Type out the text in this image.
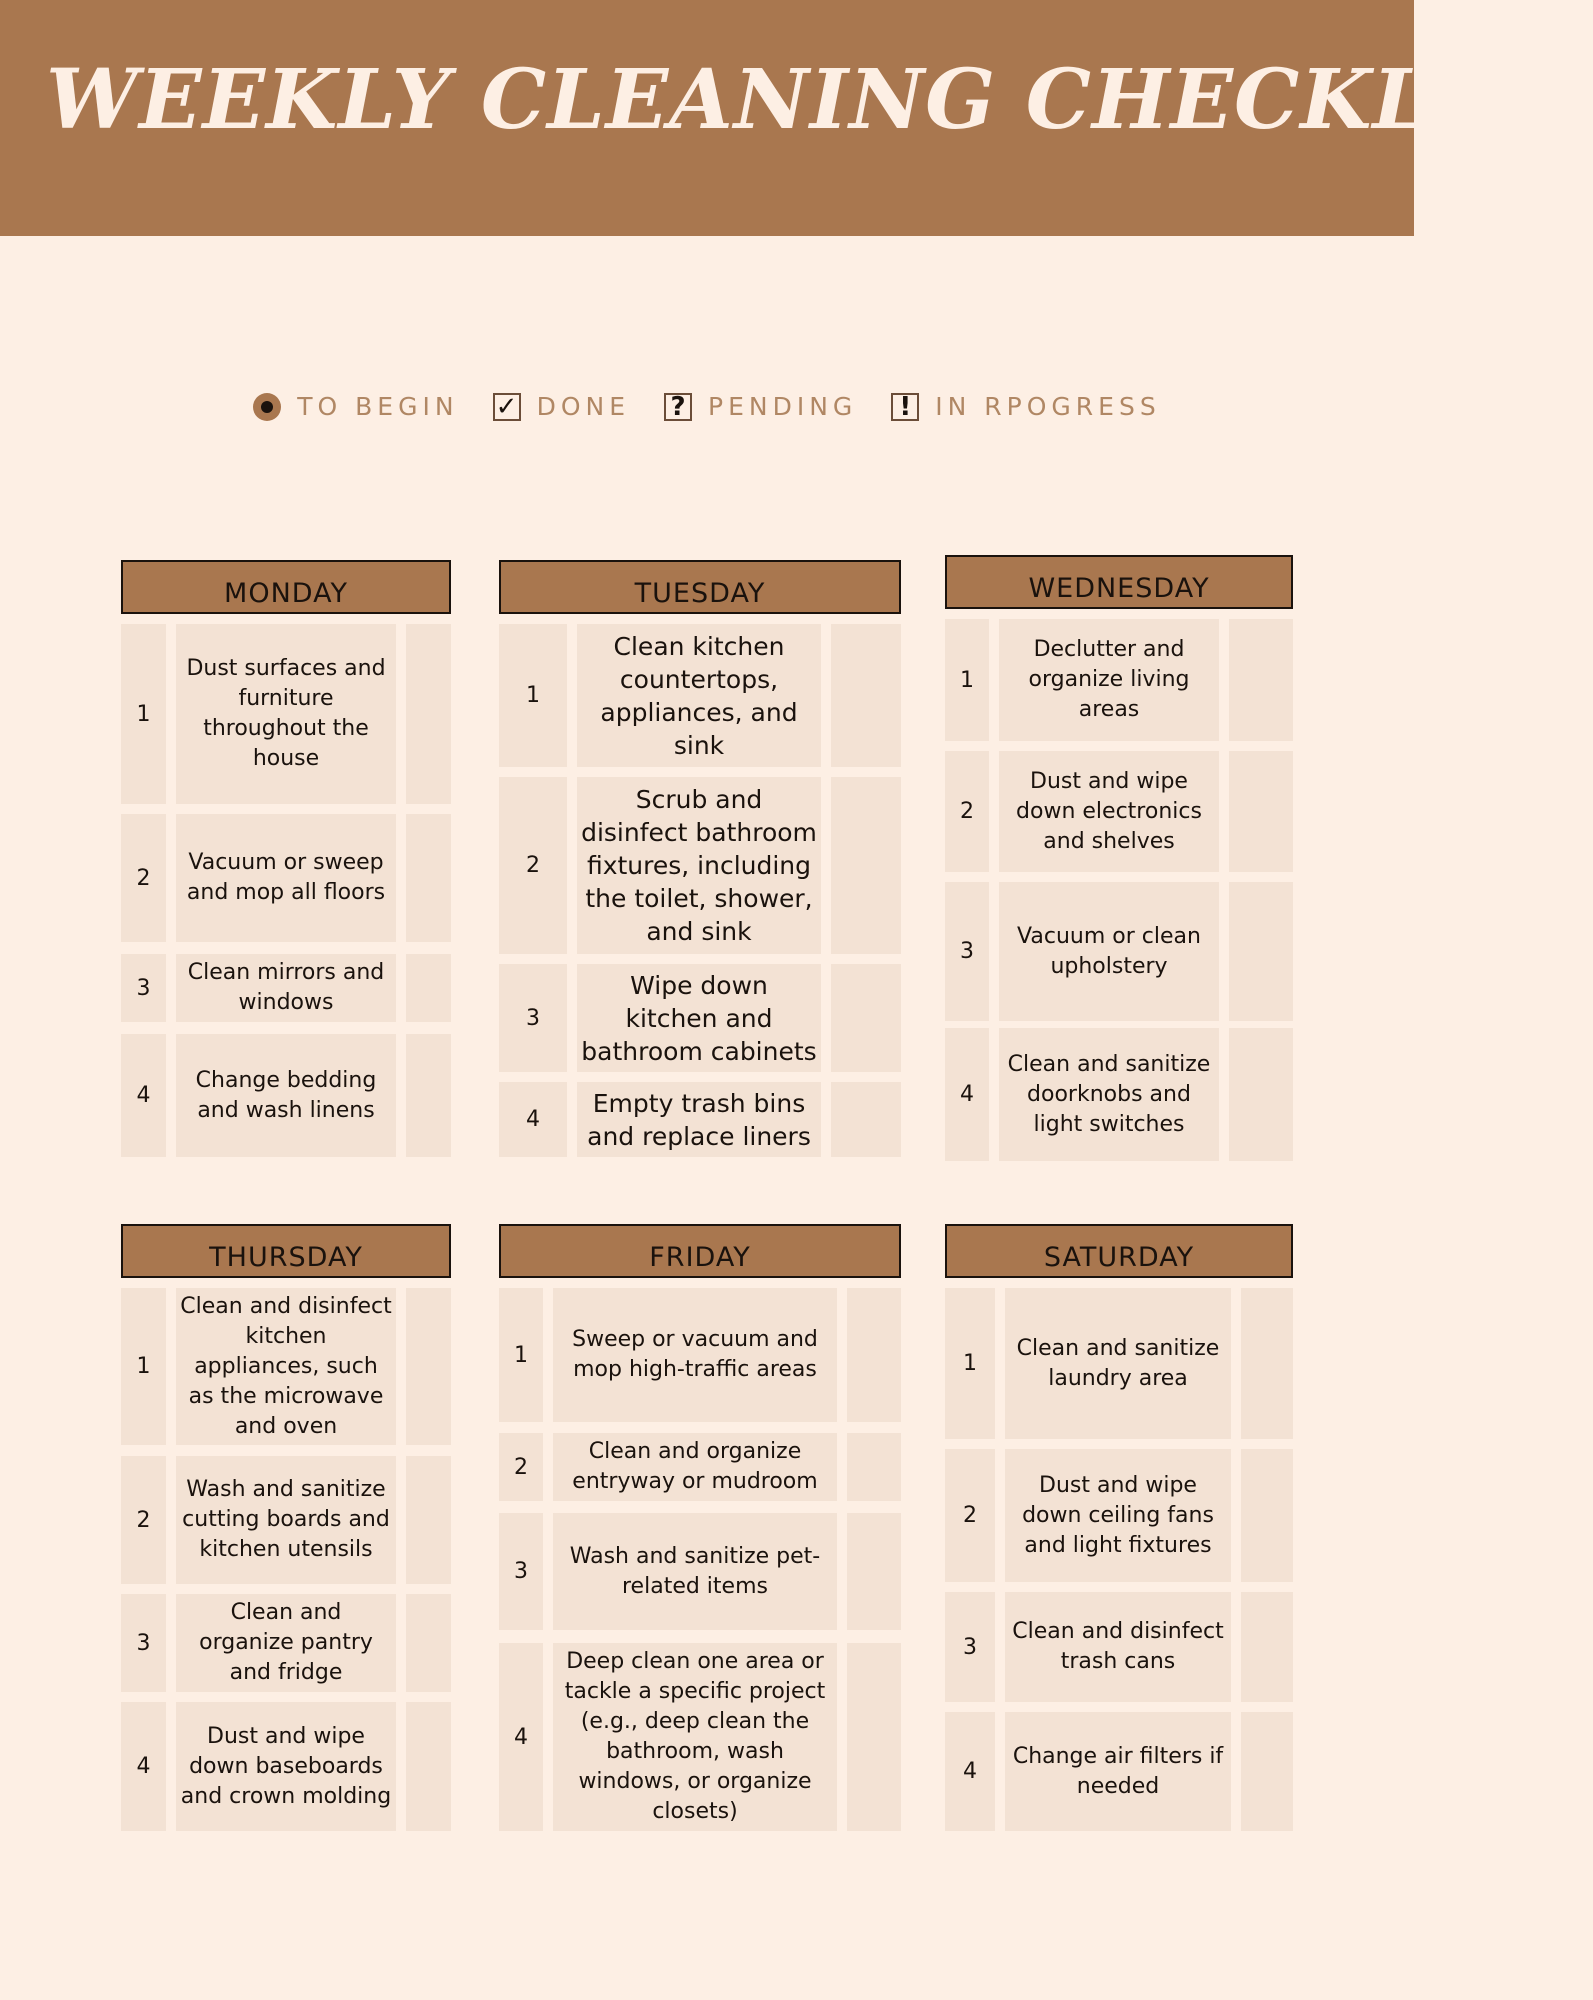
WEEKLY CLEANING CHECKLIST
TO BEGIN ✓ DONE ? PENDING	! IN RPOGRESS
MONDAY
1
Dust surfaces and furniture throughout the house
2
Vacuum or sweep and mop all floors
3
Clean mirrors and windows
4
Change bedding and wash linens
TUESDAY
1
Clean kitchen countertops, appliances, and sink
2
Scrub and disinfect bathroom fixtures, including the toilet, shower, and sink
3
Wipe down kitchen and bathroom cabinets
4
Empty trash bins and replace liners
WEDNESDAY
1
Declutter and organize living areas
2
Dust and wipe down electronics and shelves
3
Vacuum or clean upholstery
4
Clean and sanitize doorknobs and light switches
THURSDAY
1
Clean and disinfect kitchen appliances, such as the microwave and oven
2
Wash and sanitize cutting boards and kitchen utensils
3
Clean and organize pantry and fridge
4
Dust and wipe down baseboards and crown molding
FRIDAY
1
Sweep or vacuum and mop high-traffic areas
2
Clean and organize entryway or mudroom
3
Wash and sanitize pet-related items
4
Deep clean one area or tackle a specific project (e.g., deep clean the bathroom, wash windows, or organize closets)
SATURDAY
1
Clean and sanitize laundry area
2
Dust and wipe down ceiling fans and light fixtures
3
Clean and disinfect trash cans
4
Change air filters if needed
